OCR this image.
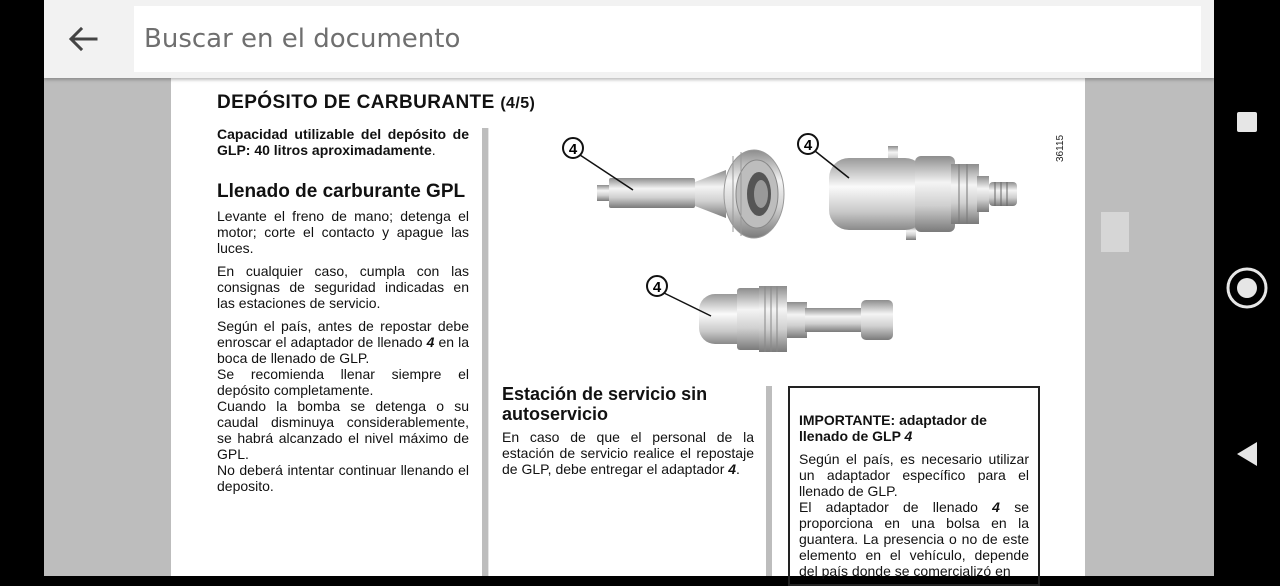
Buscar en el documento
DEPÓSITO DE CARBURANTE (4/5)
Capacidad utilizable del depósito de GLP: 40 litros aproximadamente.
Llenado de carburante GPL

Levante el freno de mano; detenga el motor; corte el contacto y apague las luces.

En cualquier caso, cumpla con las consignas de seguridad indicadas en las estaciones de servicio.

Según el país, antes de repostar debe enroscar el adaptador de llenado 4 en la boca de llenado de GLP.

Se recomienda llenar siempre el depósito completamente.

Cuando la bomba se detenga o su caudal disminuya considerablemente, se habrá alcanzado el nivel máximo de GPL.

No deberá intentar continuar llenando el deposito.

4	4
4
36115
Estación de servicio sin autoservicio
En caso de que el personal de la estación de servicio realice el repostaje de GLP, debe entregar el adaptador 4.

IMPORTANTE: adaptador de llenado de GLP 4

Según el país, es necesario utilizar un adaptador específico para el llenado de GLP.

El adaptador de llenado 4 se proporciona en una bolsa en la guantera. La presencia o no de este elemento en el vehículo, depende del país donde se comercializó en
